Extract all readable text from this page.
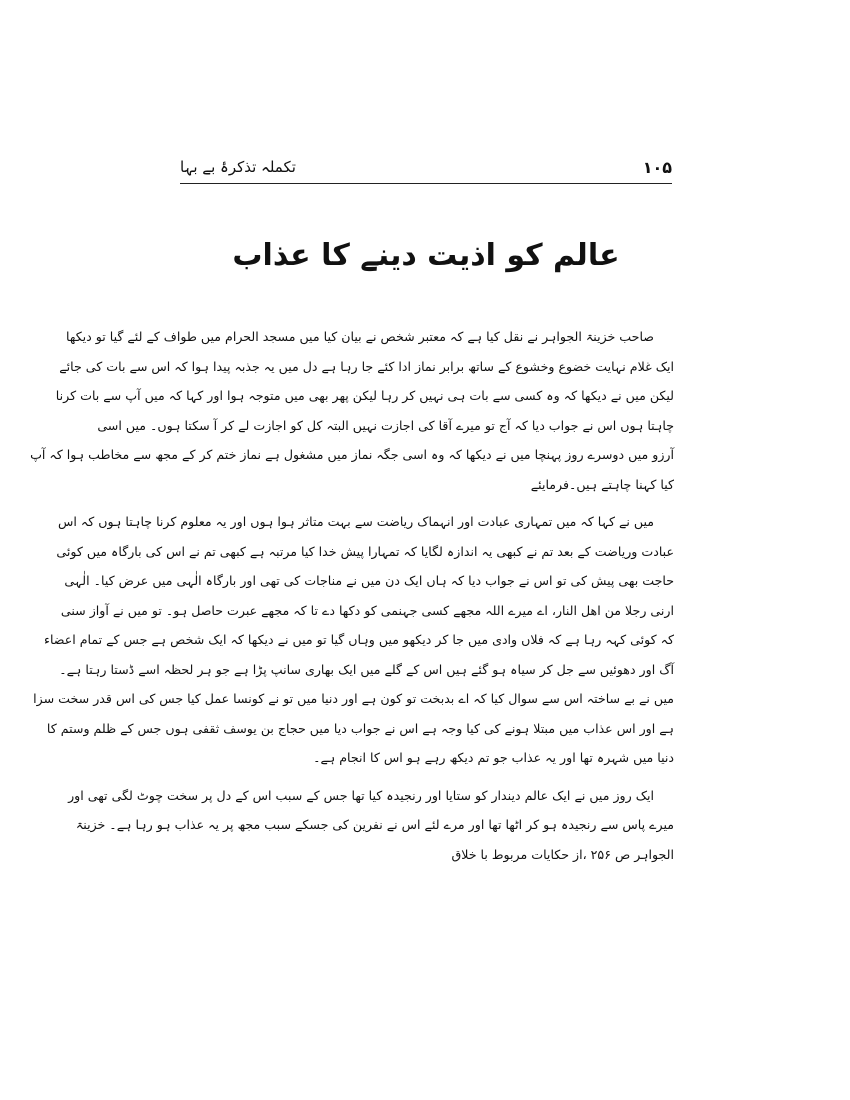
تکملہ تذکرۂ بے بہا	۱۰۵
عالم کو اذیت دینے کا عذاب
صاحب خزینۃ الجواہر نے نقل کیا ہے کہ معتبر شخص نے بیان کیا میں مسجد الحرام میں طواف کے لئے گیا تو دیکھا
ایک غلام نہایت خضوع وخشوع کے ساتھ برابر نماز ادا کئے جا رہا ہے دل میں یہ جذبہ پیدا ہوا کہ اس سے بات کی جائے
لیکن میں نے دیکھا کہ وہ کسی سے بات ہی نہیں کر رہا لیکن پھر بھی میں متوجہ ہوا اور کہا کہ میں آپ سے بات کرنا
چاہتا ہوں اس نے جواب دیا کہ آج تو میرے آقا کی اجازت نہیں البتہ کل کو اجازت لے کر آ سکتا ہوں۔ میں اسی
آرزو میں دوسرے روز پہنچا میں نے دیکھا کہ وہ اسی جگہ نماز میں مشغول ہے نماز ختم کر کے مجھ سے مخاطب ہوا کہ آپ
کیا کہنا چاہتے ہیں۔فرمایئے
میں نے کہا کہ میں تمہاری عبادت اور انہماک ریاضت سے بہت متاثر ہوا ہوں اور یہ معلوم کرنا چاہتا ہوں کہ اس
عبادت وریاضت کے بعد تم نے کبھی یہ اندازہ لگایا کہ تمہارا پیش خدا کیا مرتبہ ہے کبھی تم نے اس کی بارگاہ میں کوئی
حاجت بھی پیش کی تو اس نے جواب دیا کہ ہاں ایک دن میں نے مناجات کی تھی اور بارگاہ الٰہی میں عرض کیا۔ الٰہی
ارنی رجلا من اھل النار، اے میرے اللہ مجھے کسی جہنمی کو دکھا دے تا کہ مجھے عبرت حاصل ہو۔ تو میں نے آواز سنی
کہ کوئی کہہ رہا ہے کہ فلاں وادی میں جا کر دیکھو میں وہاں گیا تو میں نے دیکھا کہ ایک شخص ہے جس کے تمام اعضاء
آگ اور دھوئیں سے جل کر سیاہ ہو گئے ہیں اس کے گلے میں ایک بھاری سانپ پڑا ہے جو ہر لحظہ اسے ڈستا رہتا ہے۔
میں نے بے ساختہ اس سے سوال کیا کہ اے بدبخت تو کون ہے اور دنیا میں تو نے کونسا عمل کیا جس کی اس قدر سخت سزا
ہے اور اس عذاب میں مبتلا ہونے کی کیا وجہ ہے اس نے جواب دیا میں حجاج بن یوسف ثقفی ہوں جس کے ظلم وستم کا
دنیا میں شہرہ تھا اور یہ عذاب جو تم دیکھ رہے ہو اس کا انجام ہے۔
ایک روز میں نے ایک عالم دیندار کو ستایا اور رنجیدہ کیا تھا جس کے سبب اس کے دل پر سخت چوٹ لگی تھی اور
میرے پاس سے رنجیدہ ہو کر اٹھا تھا اور مرے لئے اس نے نفرین کی جسکے سبب مجھ پر یہ عذاب ہو رہا ہے۔ خزینۃ
الجواہر ص ۲۵۶ ،از حکایات مربوط با خلاق
